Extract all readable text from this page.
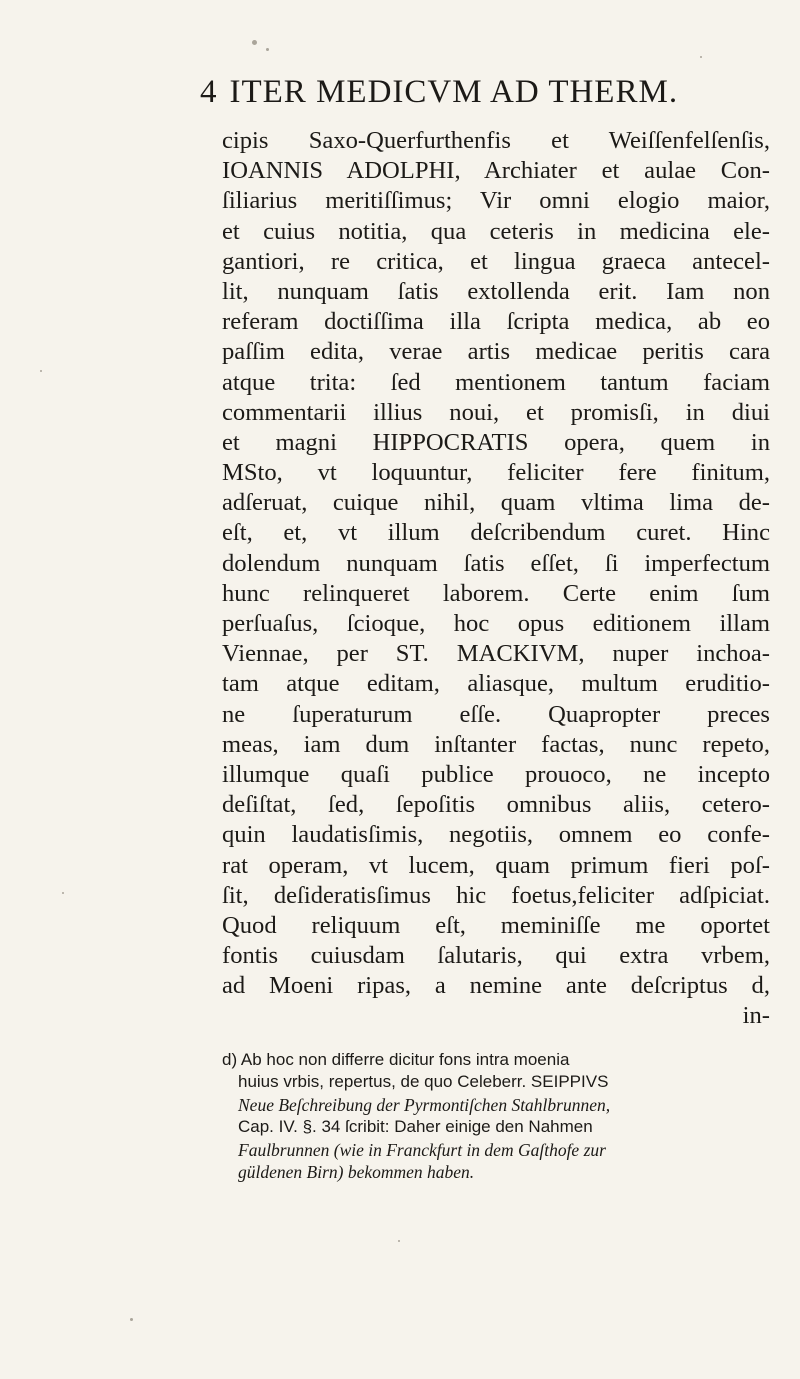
4 ITER MEDICVM AD THERM.
cipis Saxo-Querfurthenfis et Weiſſenfelſenſis,
IOANNIS ADOLPHI, Archiater et aulae Con-
ſiliarius meritiſſimus; Vir omni elogio maior,
et cuius notitia, qua ceteris in medicina ele-
gantiori, re critica, et lingua graeca antecel-
lit, nunquam ſatis extollenda erit. Iam non
referam doctiſſima illa ſcripta medica, ab eo
paſſim edita, verae artis medicae peritis cara
atque trita: ſed mentionem tantum faciam
commentarii illius noui, et promisſi, in diui
et magni HIPPOCRATIS opera, quem in
MSto, vt loquuntur, feliciter fere finitum,
adſeruat, cuique nihil, quam vltima lima de-
eſt, et, vt illum deſcribendum curet. Hinc
dolendum nunquam ſatis eſſet, ſi imperfectum
hunc relinqueret laborem. Certe enim ſum
perſuaſus, ſcioque, hoc opus editionem illam
Viennae, per ST. MACKIVM, nuper inchoa-
tam atque editam, aliasque, multum eruditio-
ne ſuperaturum eſſe. Quapropter preces
meas, iam dum inſtanter factas, nunc repeto,
illumque quaſi publice prouoco, ne incepto
deſiſtat, ſed, ſepoſitis omnibus aliis, cetero-
quin laudatisſimis, negotiis, omnem eo confe-
rat operam, vt lucem, quam primum fieri poſ-
ſit, deſideratisſimus hic foetus,feliciter adſpiciat.
Quod reliquum eſt, meminiſſe me oportet
fontis cuiusdam ſalutaris, qui extra vrbem,
ad Moeni ripas, a nemine ante deſcriptus d,
in-
d) Ab hoc non differre dicitur fons intra moenia
huius vrbis, repertus, de quo Celeberr. SEIPPIVS
Neue Beſchreibung der Pyrmontiſchen Stahlbrunnen,
Cap. IV. §. 34 ſcribit: Daher einige den Nahmen
Faulbrunnen (wie in Franckfurt in dem Gaſthofe zur
güldenen Birn) bekommen haben.
